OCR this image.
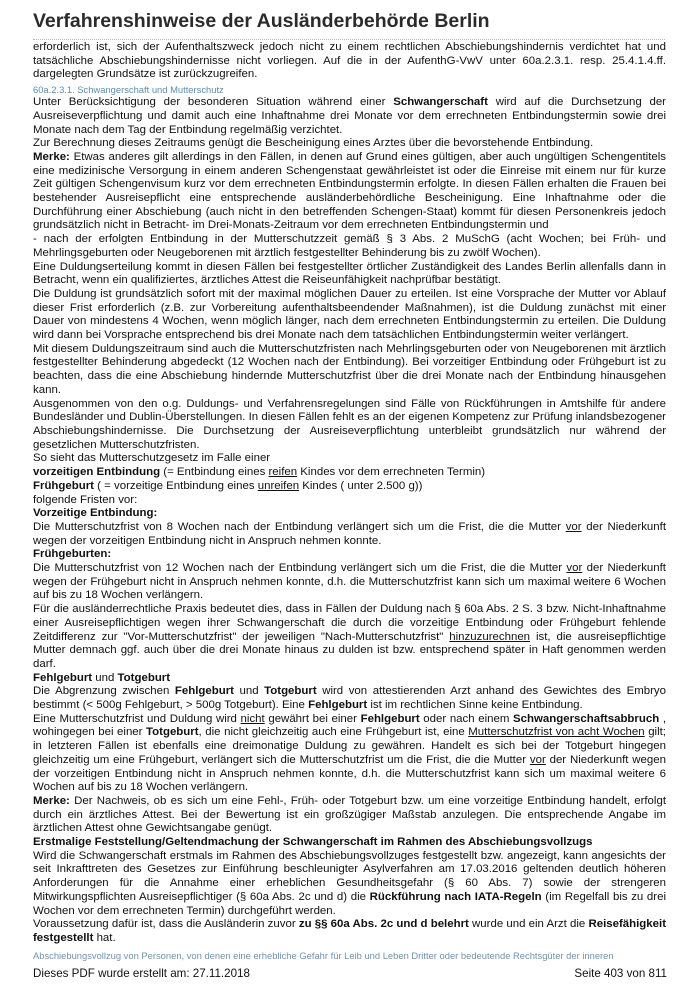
Verfahrenshinweise der Ausländerbehörde Berlin

erforderlich ist, sich der Aufenthaltszweck jedoch nicht zu einem rechtlichen Abschiebungshindernis verdichtet hat und tatsächliche Abschiebungshindernisse nicht vorliegen. Auf die in der AufenthG-VwV unter 60a.2.3.1. resp. 25.4.1.4.ff. dargelegten Grundsätze ist zurückzugreifen.

60a.2.3.1. Schwangerschaft und Mutterschutz

Unter Berücksichtigung der besonderen Situation während einer Schwangerschaft wird auf die Durchsetzung der Ausreiseverpflichtung und damit auch eine Inhaftnahme drei Monate vor dem errechneten Entbindungstermin sowie drei Monate nach dem Tag der Entbindung regelmäßig verzichtet.

Zur Berechnung dieses Zeitraums genügt die Bescheinigung eines Arztes über die bevorstehende Entbindung.

Merke: Etwas anderes gilt allerdings in den Fällen, in denen auf Grund eines gültigen, aber auch ungültigen Schengentitels eine medizinische Versorgung in einem anderen Schengenstaat gewährleistet ist oder die Einreise mit einem nur für kurze Zeit gültigen Schengenvisum kurz vor dem errechneten Entbindungstermin erfolgte. In diesen Fällen erhalten die Frauen bei bestehender Ausreisepflicht eine entsprechende ausländerbehördliche Bescheinigung. Eine Inhaftnahme oder die Durchführung einer Abschiebung (auch nicht in den betreffenden Schengen-Staat) kommt für diesen Personenkreis jedoch grundsätzlich nicht in Betracht- im Drei-Monats-Zeitraum vor dem errechneten Entbindungstermin und

- nach der erfolgten Entbindung in der Mutterschutzzeit gemäß § 3 Abs. 2 MuSchG (acht Wochen; bei Früh- und Mehrlingsgeburten oder Neugeborenen mit ärztlich festgestellter Behinderung bis zu zwölf Wochen).

Eine Duldungserteilung kommt in diesen Fällen bei festgestellter örtlicher Zuständigkeit des Landes Berlin allenfalls dann in Betracht, wenn ein qualifiziertes, ärztliches Attest die Reiseunfähigkeit nachprüfbar bestätigt.

Die Duldung ist grundsätzlich sofort mit der maximal möglichen Dauer zu erteilen. Ist eine Vorsprache der Mutter vor Ablauf dieser Frist erforderlich (z.B. zur Vorbereitung aufenthaltsbeendender Maßnahmen), ist die Duldung zunächst mit einer Dauer von mindestens 4 Wochen, wenn möglich länger, nach dem errechneten Entbindungstermin zu erteilen. Die Duldung wird dann bei Vorsprache entsprechend bis drei Monate nach dem tatsächlichen Entbindungstermin weiter verlängert.

Mit diesem Duldungszeitraum sind auch die Mutterschutzfristen nach Mehrlingsgeburten oder von Neugeborenen mit ärztlich festgestellter Behinderung abgedeckt (12 Wochen nach der Entbindung). Bei vorzeitiger Entbindung oder Frühgeburt ist zu beachten, dass die eine Abschiebung hindernde Mutterschutzfrist über die drei Monate nach der Entbindung hinausgehen kann.

Ausgenommen von den o.g. Duldungs- und Verfahrensregelungen sind Fälle von Rückführungen in Amtshilfe für andere Bundesländer und Dublin-Überstellungen. In diesen Fällen fehlt es an der eigenen Kompetenz zur Prüfung inlandsbezogener Abschiebungshindernisse. Die Durchsetzung der Ausreiseverpflichtung unterbleibt grundsätzlich nur während der gesetzlichen Mutterschutzfristen.

So sieht das Mutterschutzgesetz im Falle einer

vorzeitigen Entbindung (= Entbindung eines reifen Kindes vor dem errechneten Termin)

Frühgeburt ( = vorzeitige Entbindung eines unreifen Kindes ( unter 2.500 g))

folgende Fristen vor:

Vorzeitige Entbindung:

Die Mutterschutzfrist von 8 Wochen nach der Entbindung verlängert sich um die Frist, die die Mutter vor der Niederkunft wegen der vorzeitigen Entbindung nicht in Anspruch nehmen konnte.

Frühgeburten:

Die Mutterschutzfrist von 12 Wochen nach der Entbindung verlängert sich um die Frist, die die Mutter vor der Niederkunft wegen der Frühgeburt nicht in Anspruch nehmen konnte, d.h. die Mutterschutzfrist kann sich um maximal weitere 6 Wochen auf bis zu 18 Wochen verlängern.

Für die ausländerrechtliche Praxis bedeutet dies, dass in Fällen der Duldung nach § 60a Abs. 2 S. 3 bzw. Nicht-Inhaftnahme einer Ausreisepflichtigen wegen ihrer Schwangerschaft die durch die vorzeitige Entbindung oder Frühgeburt fehlende Zeitdifferenz zur "Vor-Mutterschutzfrist" der jeweiligen "Nach-Mutterschutzfrist" hinzuzurechnen ist, die ausreisepflichtige Mutter demnach ggf. auch über die drei Monate hinaus zu dulden ist bzw. entsprechend später in Haft genommen werden darf.

Fehlgeburt und Totgeburt

Die Abgrenzung zwischen Fehlgeburt und Totgeburt wird von attestierenden Arzt anhand des Gewichtes des Embryo bestimmt (< 500g Fehlgeburt, > 500g Totgeburt). Eine Fehlgeburt ist im rechtlichen Sinne keine Entbindung.

Eine Mutterschutzfrist und Duldung wird nicht gewährt bei einer Fehlgeburt oder nach einem Schwangerschaftsabbruch , wohingegen bei einer Totgeburt, die nicht gleichzeitig auch eine Frühgeburt ist, eine Mutterschutzfrist von acht Wochen gilt; in letzteren Fällen ist ebenfalls eine dreimonatige Duldung zu gewähren. Handelt es sich bei der Totgeburt hingegen gleichzeitig um eine Frühgeburt, verlängert sich die Mutterschutzfrist um die Frist, die die Mutter vor der Niederkunft wegen der vorzeitigen Entbindung nicht in Anspruch nehmen konnte, d.h. die Mutterschutzfrist kann sich um maximal weitere 6 Wochen auf bis zu 18 Wochen verlängern.

Merke: Der Nachweis, ob es sich um eine Fehl-, Früh- oder Totgeburt bzw. um eine vorzeitige Entbindung handelt, erfolgt durch ein ärztliches Attest. Bei der Bewertung ist ein großzügiger Maßstab anzulegen. Die entsprechende Angabe im ärztlichen Attest ohne Gewichtsangabe genügt.

Erstmalige Feststellung/Geltendmachung der Schwangerschaft im Rahmen des Abschiebungsvollzugs

Wird die Schwangerschaft erstmals im Rahmen des Abschiebungsvollzuges festgestellt bzw. angezeigt, kann angesichts der seit Inkrafttreten des Gesetzes zur Einführung beschleunigter Asylverfahren am 17.03.2016 geltenden deutlich höheren Anforderungen für die Annahme einer erheblichen Gesundheitsgefahr (§ 60 Abs. 7) sowie der strengeren Mitwirkungspflichten Ausreisepflichtiger (§ 60a Abs. 2c und d) die Rückführung nach IATA-Regeln (im Regelfall bis zu drei Wochen vor dem errechneten Termin) durchgeführt werden.

Voraussetzung dafür ist, dass die Ausländerin zuvor zu §§ 60a Abs. 2c und d belehrt wurde und ein Arzt die Reisefähigkeit festgestellt hat.

Abschiebungsvollzug von Personen, von denen eine erhebliche Gefahr für Leib und Leben Dritter oder bedeutende Rechtsgüter der inneren
Dieses PDF wurde erstellt am: 27.11.2018	Seite 403 von 811
